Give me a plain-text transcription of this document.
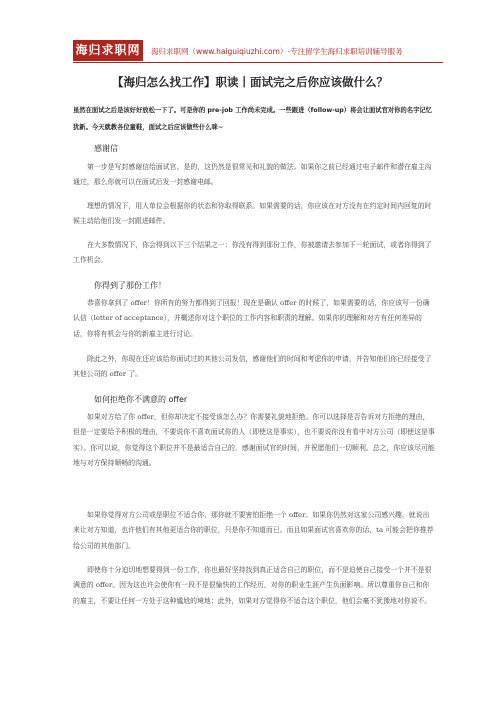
海归求职网	海归求职网（www.haiguiqiuzhi.com）-专注留学生海归求职培训辅导服务
【海归怎么找工作】职读丨面试完之后你应该做什么？
虽然在面试之后是该好好放松一下了。可是你的 pre-job 工作尚未完成。一些跟进（follow-up）将会让面试官对你的名字记忆犹新。今天就教各位童鞋，面试之后应该做些什么咪~
感谢信
第一步是写封感谢信给面试官。是的，这仍然是很常见和礼貌的做法。如果你之前已经通过电子邮件和潜在雇主沟通过，那么你就可以在面试后发一封感谢电邮。
理想的情况下，用人单位会根据你的状态和你取得联系。如果需要的话，你应该在对方没有在约定时间内回复的时候主动给他们发一封跟进邮件。
在大多数情况下，你会得到以下三个结果之一：你没有得到那份工作，你被邀请去参加下一轮面试，或者你得到了工作机会。
你得到了那份工作！
恭喜你拿到了 offer！你所有的努力都得到了回报！现在是确认 offer 的时候了，如果需要的话，你应该写一份确认信（letter of acceptance），并概述你对这个职位的工作内容和职责的理解。如果你的理解和对方有任何差异的话，你将有机会与你的新雇主进行讨论。
除此之外，你现在还应该给你面试过的其他公司发信，感谢他们的时间和考虑你的申请，并告知他们你已经接受了其他公司的 offer 了。
如何拒绝你不满意的 offer
如果对方给了你 offer，但你却决定不接受该怎么办？你需要礼貌地拒绝。你可以选择是否告诉对方拒绝的理由，但是一定要给予积极的理由，不要说你不喜欢面试你的人（即使这是事实），也不要说你没有看中对方公司（即使这是事实）。你可以说，你觉得这个职位并不是最适合自己的，感谢面试官的时间，并祝愿他们一切顺利。总之，你应该尽可能地与对方保持顺畅的沟通。
如果你觉得对方公司或是职位不适合你，那你就不要害怕拒绝一个 offer。如果你仍然对这家公司感兴趣，就说出来让对方知道，也许他们有其他更适合你的职位，只是你不知道而已。而且如果面试官喜欢你的话，ta 可能会把你推荐给公司的其他部门。
即使你十分迫切地想要得到一份工作，你也最好坚持找到真正适合自己的职位，而不是迫使自己接受一个并不是很满意的 offer。因为这也许会使你有一段不是很愉快的工作经历，对你的职业生涯产生负面影响。所以尊重你自己和你的雇主，不要让任何一方处于这种尴尬的境地；此外，如果对方觉得你不适合这个职位，他们会毫不犹豫地对你说不。
